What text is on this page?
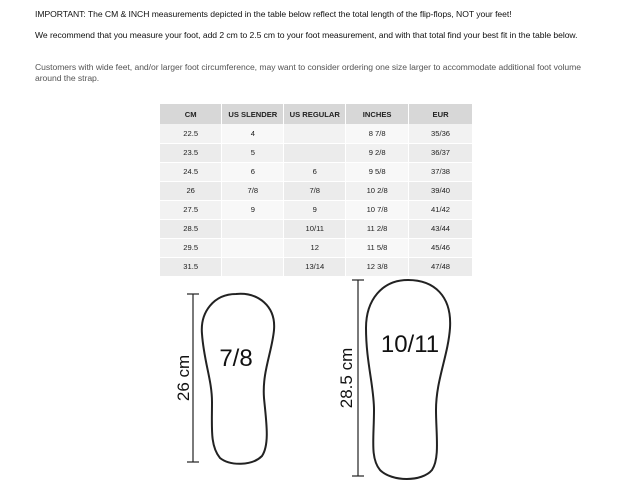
IMPORTANT: The CM & INCH measurements depicted in the table below reflect the total length of the flip-flops, NOT your feet!

We recommend that you measure your foot, add 2 cm to 2.5 cm to your foot measurement, and with that total find your best fit in the table below.

Customers with wide feet, and/or larger foot circumference, may want to consider ordering one size larger to accommodate additional foot volume around the strap.

CM	US SLENDER	US REGULAR	INCHES	EUR
22.5	4		8 7/8	35/36
23.5	5		9 2/8	36/37
24.5	6	6	9 5/8	37/38
26	7/8	7/8	10 2/8	39/40
27.5	9	9	10 7/8	41/42
28.5		10/11	11 2/8	43/44
29.5		12	11 5/8	45/46
31.5		13/14	12 3/8	47/48
26 cm 7/8	28.5 cm
10/11
